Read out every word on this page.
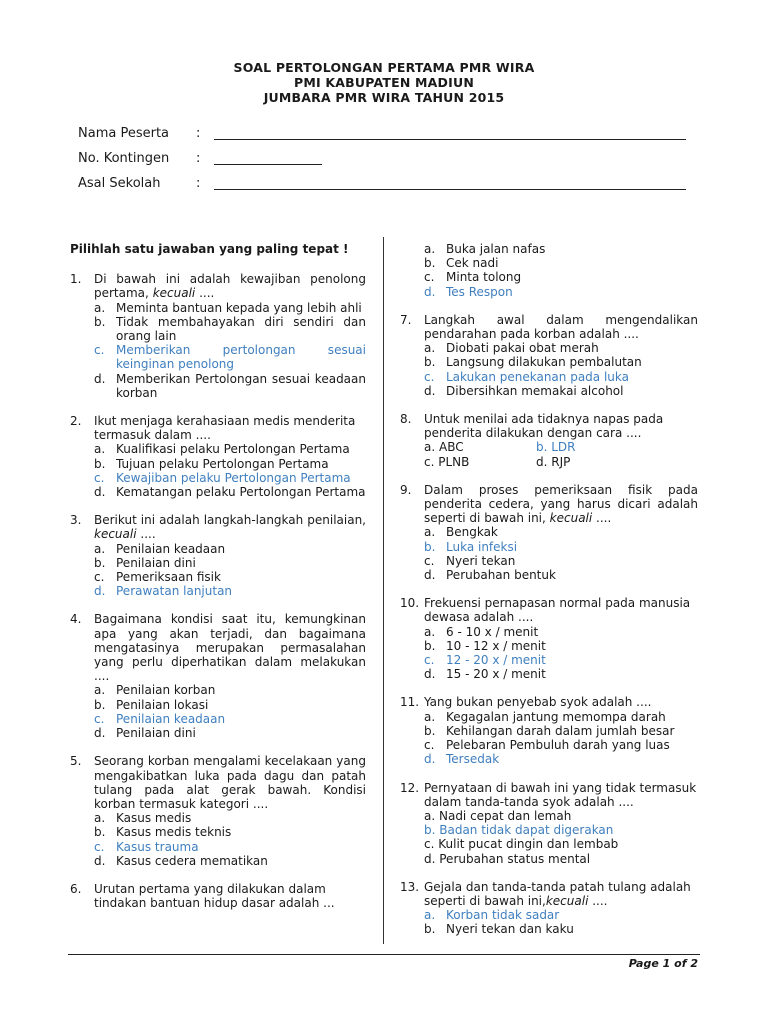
SOAL PERTOLONGAN PERTAMA PMR WIRA
PMI KABUPATEN MADIUN
JUMBARA PMR WIRA TAHUN 2015
Nama Peserta :
No. Kontingen :
Asal Sekolah	:
Pilihlah satu jawaban yang paling tepat !
1.	Di bawah ini adalah kewajiban penolong pertama, kecuali ....
a. Meminta bantuan kepada yang lebih ahli
b. Tidak membahayakan diri sendiri dan orang lain
c. Memberikan pertolongan sesuai keinginan penolong
d. Memberikan Pertolongan sesuai keadaan korban
2.	Ikut menjaga kerahasiaan medis menderita termasuk dalam ....
a. Kualifikasi pelaku Pertolongan Pertama
b. Tujuan pelaku Pertolongan Pertama
c. Kewajiban pelaku Pertolongan Pertama
d. Kematangan pelaku Pertolongan Pertama
3.	Berikut ini adalah langkah-langkah penilaian, kecuali ....
a. Penilaian keadaan
b. Penilaian dini
c. Pemeriksaan fisik
d. Perawatan lanjutan
4.	Bagaimana kondisi saat itu, kemungkinan apa yang akan terjadi, dan bagaimana mengatasinya merupakan permasalahan yang perlu diperhatikan dalam melakukan ....
a. Penilaian korban
b. Penilaian lokasi
c. Penilaian keadaan
d. Penilaian dini
5.	Seorang korban mengalami kecelakaan yang mengakibatkan luka pada dagu dan patah tulang pada alat gerak bawah. Kondisi korban termasuk kategori ....
a. Kasus medis
b. Kasus medis teknis
c. Kasus trauma
d. Kasus cedera mematikan
6.	Urutan pertama yang dilakukan dalam tindakan bantuan hidup dasar adalah ...
a. Buka jalan nafas
b. Cek nadi
c. Minta tolong
d. Tes Respon
7.	Langkah awal dalam mengendalikan pendarahan pada korban adalah ....
a. Diobati pakai obat merah
b. Langsung dilakukan pembalutan
c. Lakukan penekanan pada luka
d. Dibersihkan memakai alcohol
8.	Untuk menilai ada tidaknya napas pada penderita dilakukan dengan cara ....
a. ABC	b. LDR
c. PLNB	d. RJP
9.	Dalam proses pemeriksaan fisik pada penderita cedera, yang harus dicari adalah seperti di bawah ini, kecuali ....
a. Bengkak
b. Luka infeksi
c. Nyeri tekan
d. Perubahan bentuk
10. Frekuensi pernapasan normal pada manusia dewasa adalah ....
a. 6 - 10 x / menit
b. 10 - 12 x / menit
c. 12 - 20 x / menit
d. 15 - 20 x / menit
11. Yang bukan penyebab syok adalah ....
a. Kegagalan jantung memompa darah
b. Kehilangan darah dalam jumlah besar
c. Pelebaran Pembuluh darah yang luas
d. Tersedak
12. Pernyataan di bawah ini yang tidak termasuk dalam tanda-tanda syok adalah ....
a. Nadi cepat dan lemah
b. Badan tidak dapat digerakan
c. Kulit pucat dingin dan lembab
d. Perubahan status mental
13. Gejala dan tanda-tanda patah tulang adalah seperti di bawah ini,kecuali ....
a. Korban tidak sadar
b. Nyeri tekan dan kaku
Page 1 of 2
